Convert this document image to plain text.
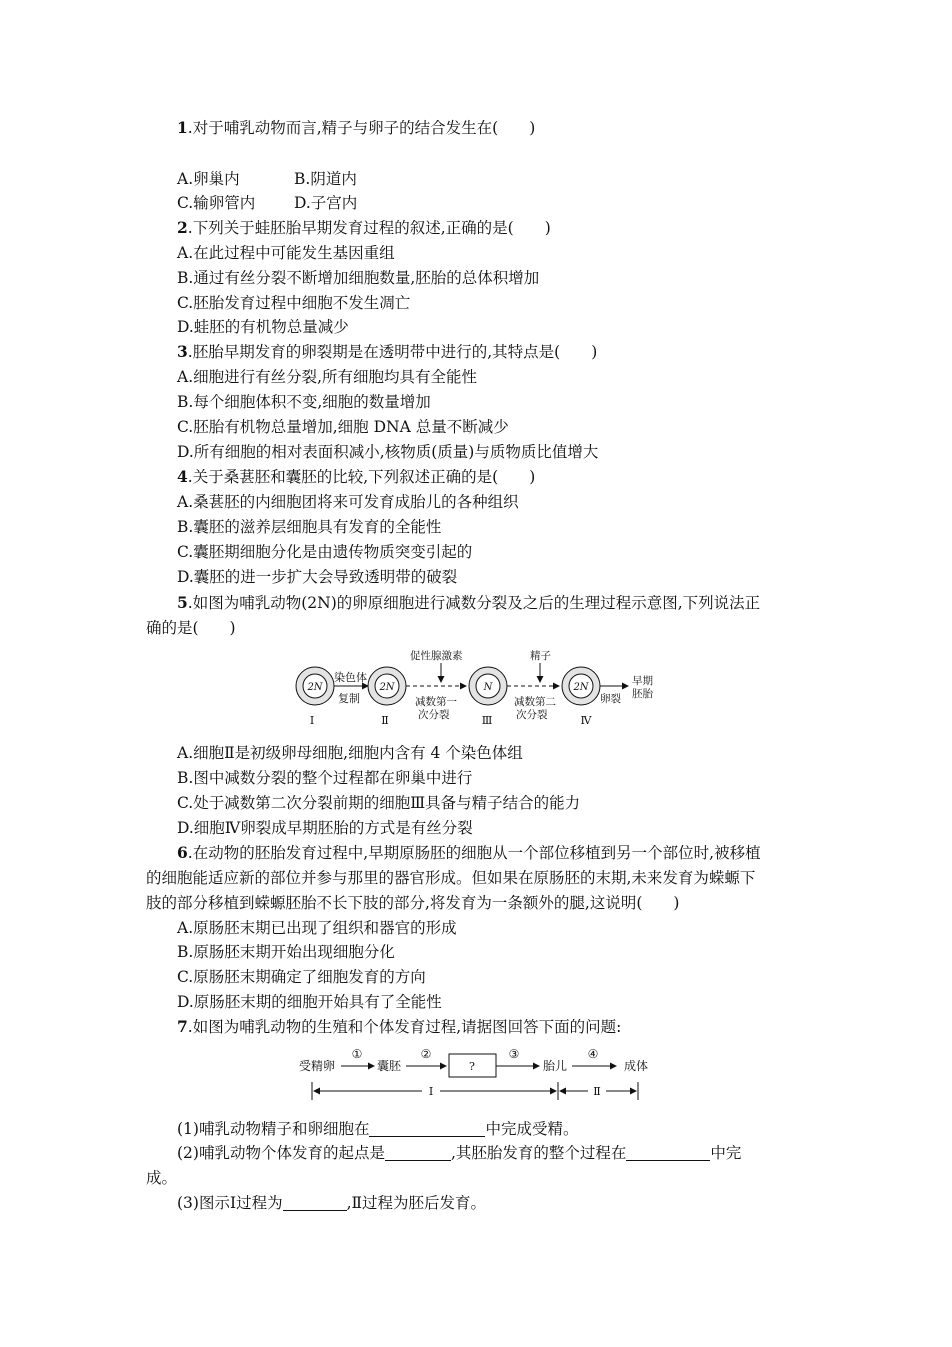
1.对于哺乳动物而言,精子与卵子的结合发生在(　　)
A.卵巢内	B.阴道内
C.输卵管内	D.子宫内
2.下列关于蛙胚胎早期发育过程的叙述,正确的是(　　)
A.在此过程中可能发生基因重组
B.通过有丝分裂不断增加细胞数量,胚胎的总体积增加
C.胚胎发育过程中细胞不发生凋亡
D.蛙胚的有机物总量减少
3.胚胎早期发育的卵裂期是在透明带中进行的,其特点是(　　)
A.细胞进行有丝分裂,所有细胞均具有全能性
B.每个细胞体积不变,细胞的数量增加
C.胚胎有机物总量增加,细胞 DNA 总量不断减少
D.所有细胞的相对表面积减小,核物质(质量)与质物质比值增大
4.关于桑葚胚和囊胚的比较,下列叙述正确的是(　　)
A.桑葚胚的内细胞团将来可发育成胎儿的各种组织
B.囊胚的滋养层细胞具有发育的全能性
C.囊胚期细胞分化是由遗传物质突变引起的
D.囊胚的进一步扩大会导致透明带的破裂
5.如图为哺乳动物(2N)的卵原细胞进行减数分裂及之后的生理过程示意图,下列说法正
确的是(　　)
2N
Ⅰ
染色体
复制
2N
Ⅱ
促性腺激素
减数第一
次分裂
N
Ⅲ
精子
减数第二
次分裂
2N
Ⅳ
卵裂
早期
胚胎
A.细胞Ⅱ是初级卵母细胞,细胞内含有 4 个染色体组
B.图中减数分裂的整个过程都在卵巢中进行
C.处于减数第二次分裂前期的细胞Ⅲ具备与精子结合的能力
D.细胞Ⅳ卵裂成早期胚胎的方式是有丝分裂
6.在动物的胚胎发育过程中,早期原肠胚的细胞从一个部位移植到另一个部位时,被移植
的细胞能适应新的部位并参与那里的器官形成。但如果在原肠胚的末期,未来发育为蝾螈下
肢的部分移植到蝾螈胚胎不长下肢的部分,将发育为一条额外的腿,这说明(　　)
A.原肠胚末期已出现了组织和器官的形成
B.原肠胚末期开始出现细胞分化
C.原肠胚末期确定了细胞发育的方向
D.原肠胚末期的细胞开始具有了全能性
7.如图为哺乳动物的生殖和个体发育过程,请据图回答下面的问题:
受精卵
①
囊胚
②
?
③
胎儿
④
成体
Ⅰ	Ⅱ
(1)哺乳动物精子和卵细胞在	中完成受精。
(2)哺乳动物个体发育的起点是	,其胚胎发育的整个过程在	中完
成。
(3)图示Ⅰ过程为	,Ⅱ过程为胚后发育。
